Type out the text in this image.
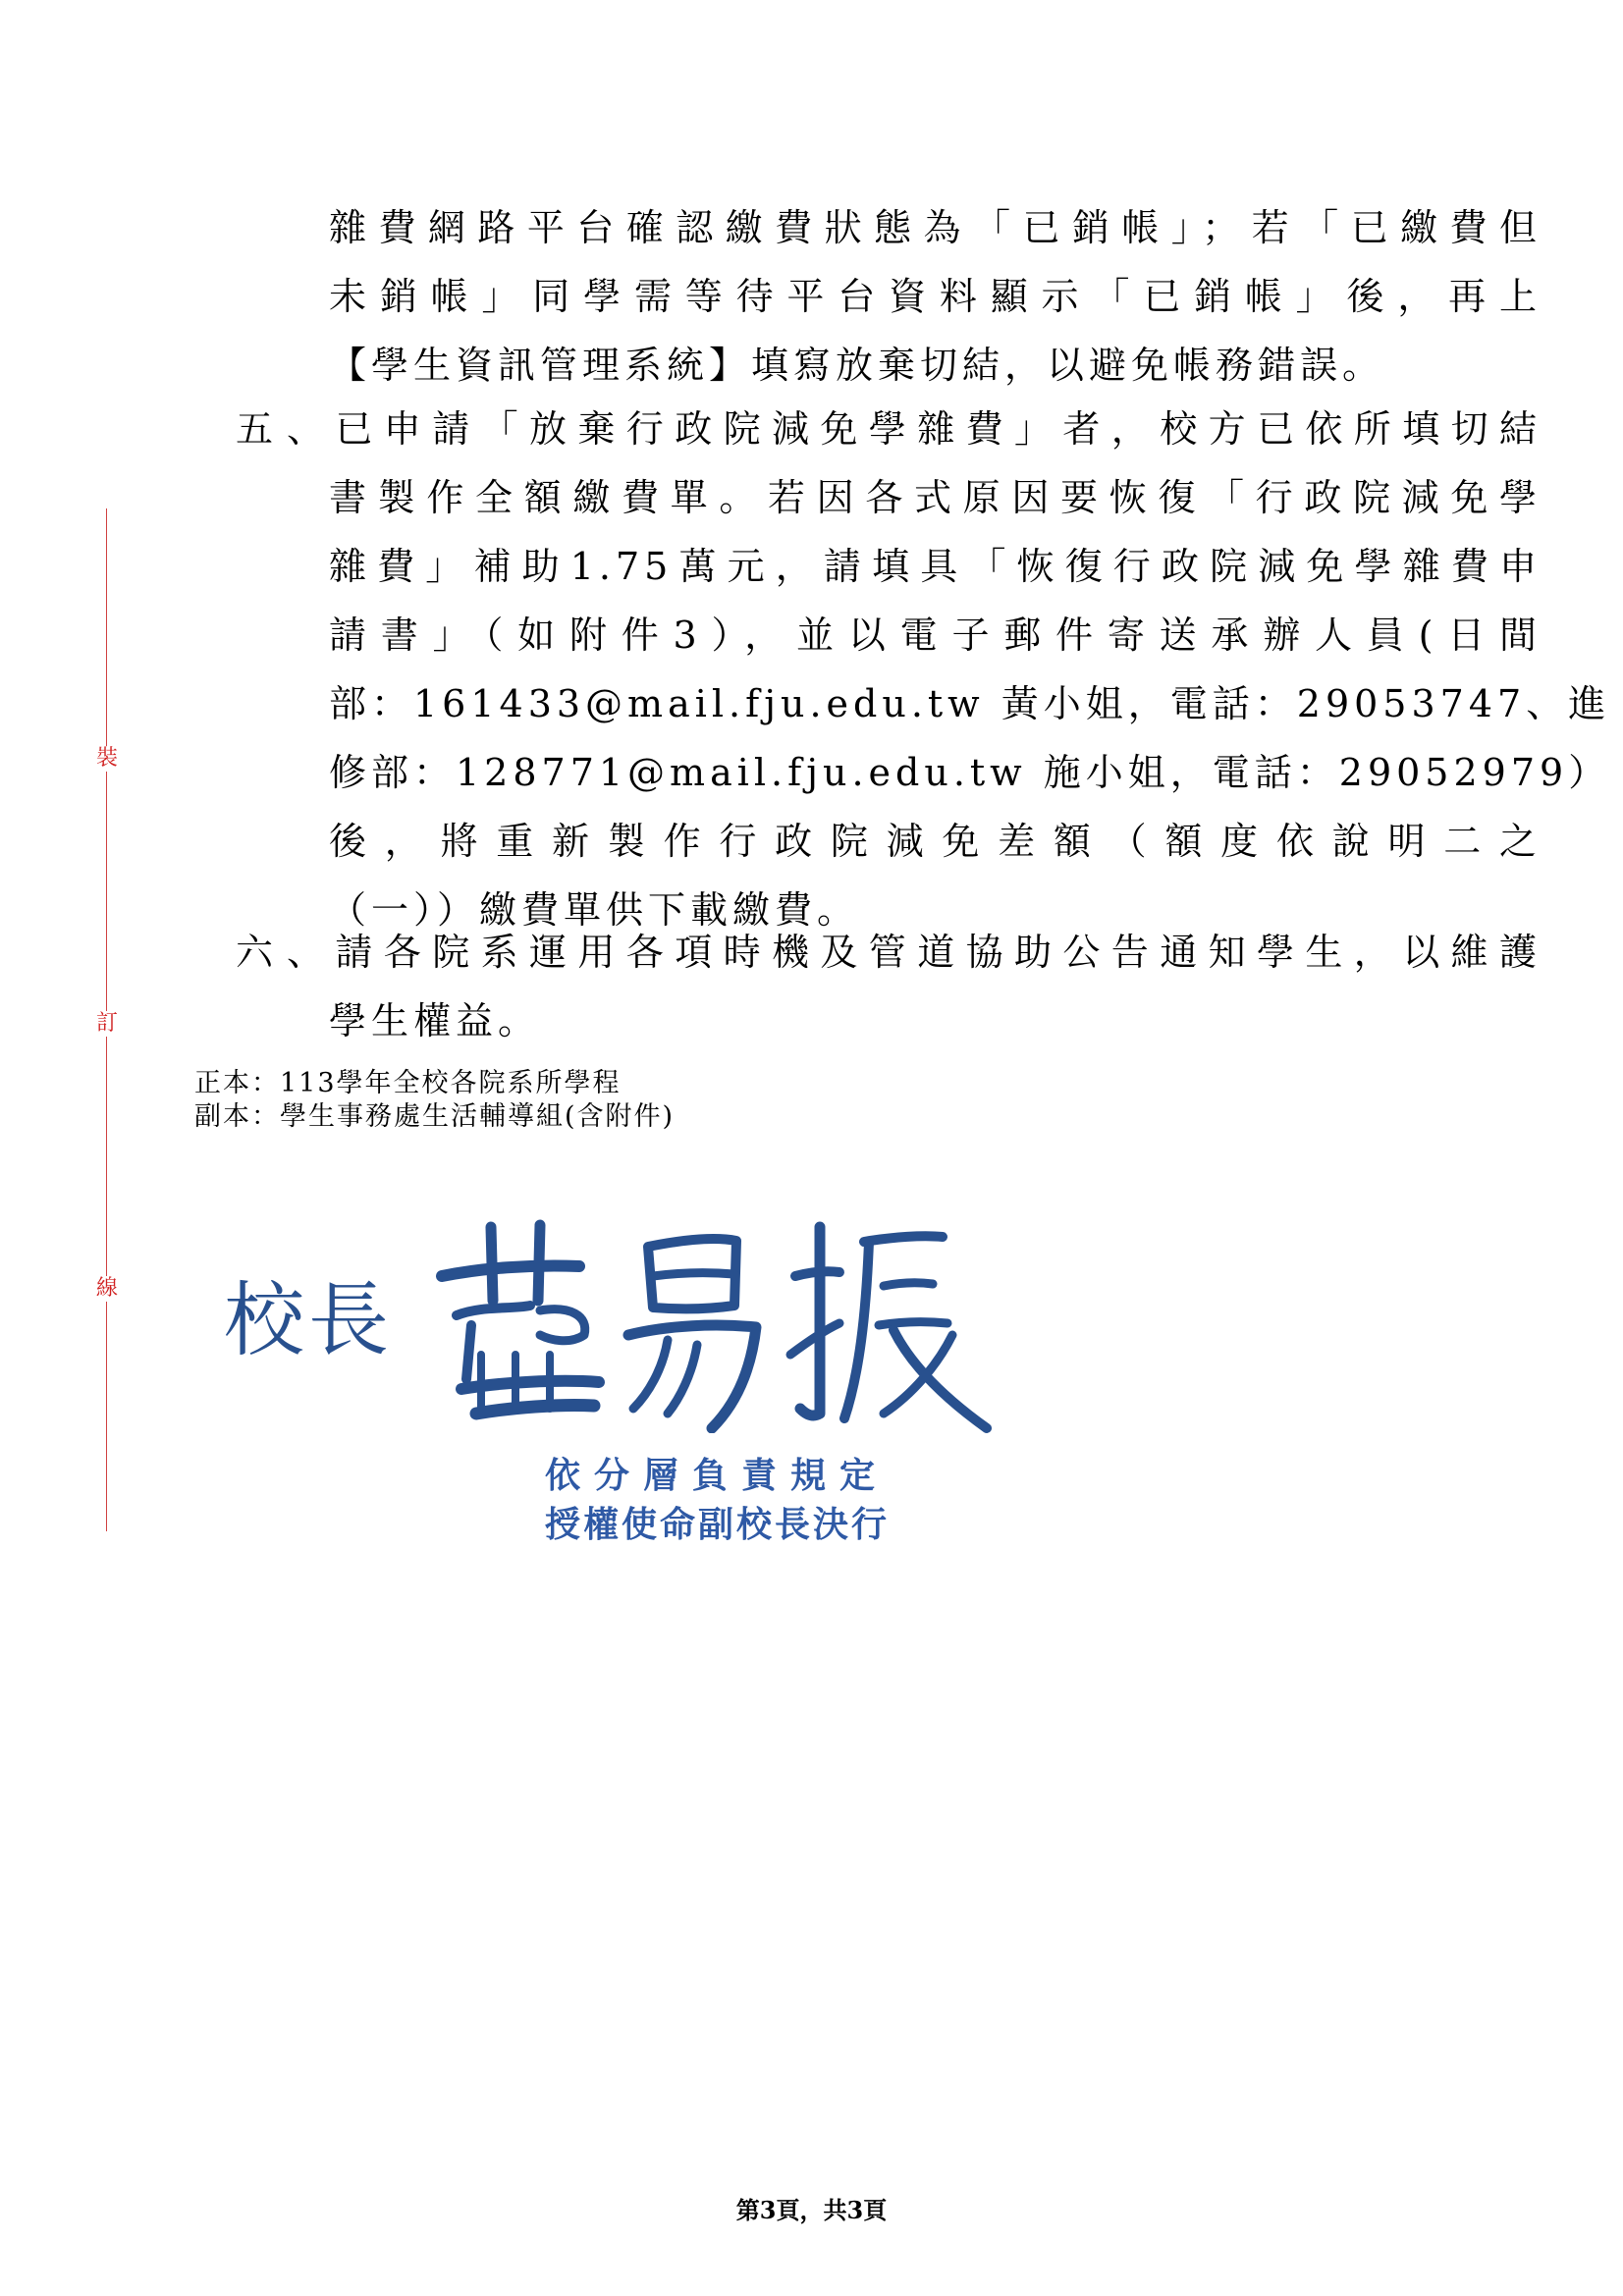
裝
訂
線
雜費網路平台確認繳費狀態為「已銷帳」；若「已繳費但
未銷帳」同學需等待平台資料顯示「已銷帳」後，再上
【學生資訊管理系統】填寫放棄切結，以避免帳務錯誤。
五、已申請「放棄行政院減免學雜費」者，校方已依所填切結
書製作全額繳費單。若因各式原因要恢復「行政院減免學
雜費」補助1.75萬元，請填具「恢復行政院減免學雜費申
請書」（如附件3），並以電子郵件寄送承辦人員(日間
部：161433@mail.fju.edu.tw 黃小姐，電話：29053747、進
修部：128771@mail.fju.edu.tw 施小姐，電話：29052979）
後，將重新製作行政院減免差額（額度依說明二之
（一））繳費單供下載繳費。
六、請各院系運用各項時機及管道協助公告通知學生，以維護
學生權益。
正本：113學年全校各院系所學程
副本：學生事務處生活輔導組(含附件)
校長
依分層負責規定
授權使命副校長決行
第3頁，共3頁
